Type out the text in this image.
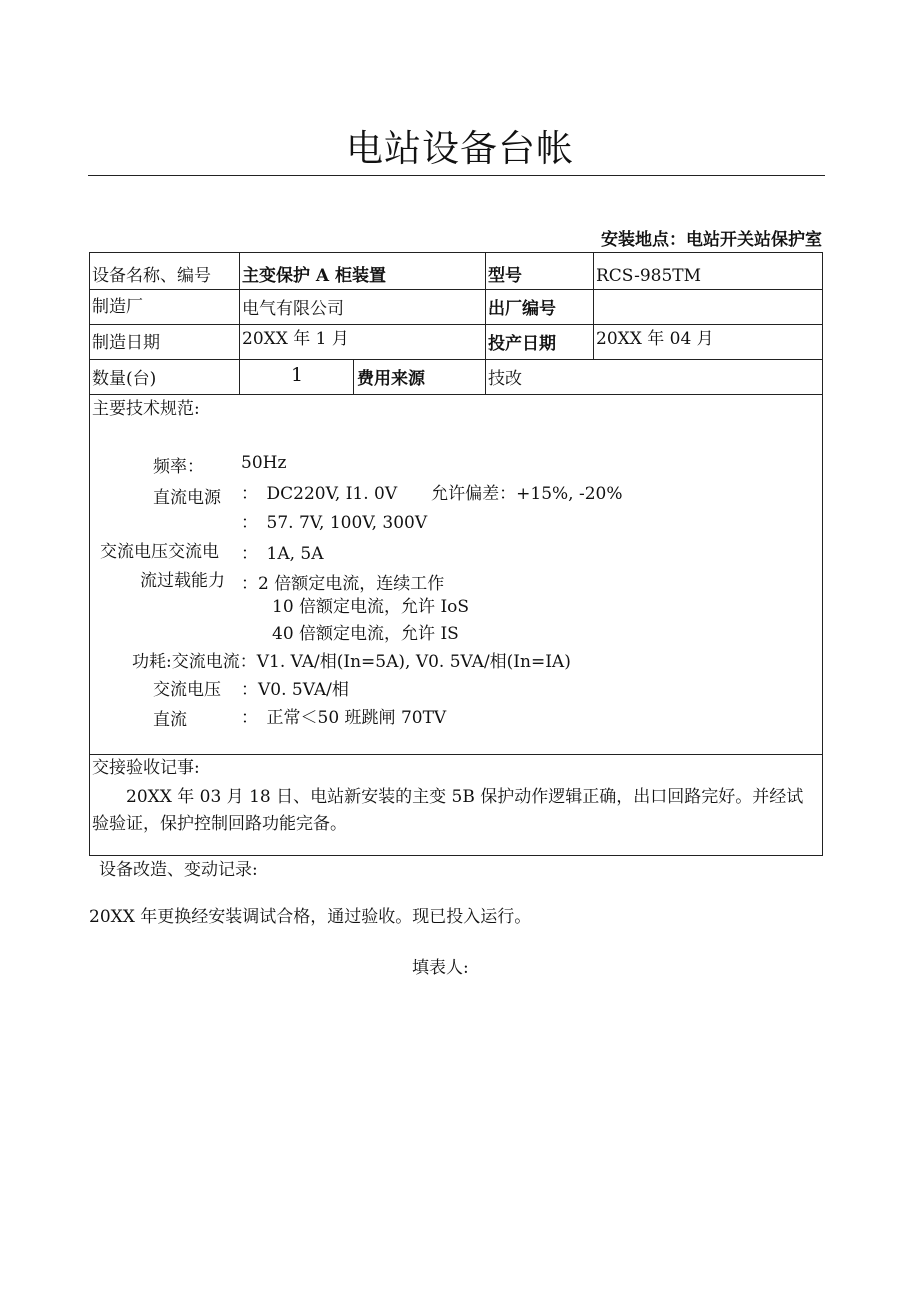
电站设备台帐
安装地点：电站开关站保护室
设备名称、编号 主变保护 A 柜装置	型号	RCS-985TM
制造厂	电气有限公司	出厂编号
制造日期	20XX 年 1 月	投产日期 20XX 年 04 月
数量(台)	1	费用来源	技改
主要技术规范:
频率： 50Hz
直流电源 ：　DC220V, I1. 0V　　允许偏差：+15%, -20%
：　57. 7V, 100V, 300V
交流电压交流电 ：　1A, 5A
流过载能力 ：2 倍额定电流，连续工作
10 倍额定电流，允许 IoS
40 倍额定电流，允许 IS
功耗:交流电流：V1. VA/相(In=5A), V0. 5VA/相(In=IA)
交流电压 ：V0. 5VA/相
直流	：　正常＜50 班跳闸 70TV
交接验收记事:
20XX 年 03 月 18 日、电站新安装的主变 5B 保护动作逻辑正确，出口回路完好。并经试验验证，保护控制回路功能完备。
设备改造、变动记录:
20XX 年更换经安装调试合格，通过验收。现已投入运行。
填表人:
